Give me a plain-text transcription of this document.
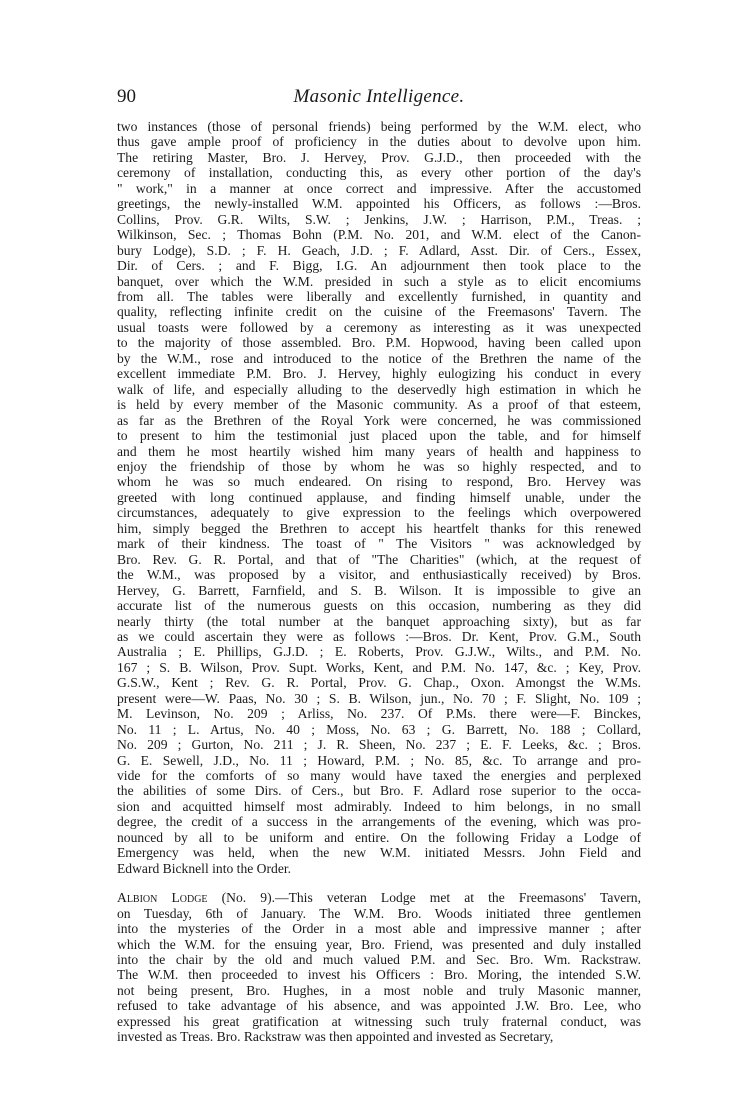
90	Masonic Intelligence.

two instances (those of personal friends) being performed by the W.M. elect, who
thus gave ample proof of proficiency in the duties about to devolve upon him.
The retiring Master, Bro. J. Hervey, Prov. G.J.D., then proceeded with the
ceremony of installation, conducting this, as every other portion of the day's
" work," in a manner at once correct and impressive. After the accustomed
greetings, the newly-installed W.M. appointed his Officers, as follows :—Bros.
Collins, Prov. G.R. Wilts, S.W. ; Jenkins, J.W. ; Harrison, P.M., Treas. ;
Wilkinson, Sec. ; Thomas Bohn (P.M. No. 201, and W.M. elect of the Canon-
bury Lodge), S.D. ; F. H. Geach, J.D. ; F. Adlard, Asst. Dir. of Cers., Essex,
Dir. of Cers. ; and F. Bigg, I.G. An adjournment then took place to the
banquet, over which the W.M. presided in such a style as to elicit encomiums
from all. The tables were liberally and excellently furnished, in quantity and
quality, reflecting infinite credit on the cuisine of the Freemasons' Tavern. The
usual toasts were followed by a ceremony as interesting as it was unexpected
to the majority of those assembled. Bro. P.M. Hopwood, having been called upon
by the W.M., rose and introduced to the notice of the Brethren the name of the
excellent immediate P.M. Bro. J. Hervey, highly eulogizing his conduct in every
walk of life, and especially alluding to the deservedly high estimation in which he
is held by every member of the Masonic community. As a proof of that esteem,
as far as the Brethren of the Royal York were concerned, he was commissioned
to present to him the testimonial just placed upon the table, and for himself
and them he most heartily wished him many years of health and happiness to
enjoy the friendship of those by whom he was so highly respected, and to
whom he was so much endeared. On rising to respond, Bro. Hervey was
greeted with long continued applause, and finding himself unable, under the
circumstances, adequately to give expression to the feelings which overpowered
him, simply begged the Brethren to accept his heartfelt thanks for this renewed
mark of their kindness. The toast of " The Visitors " was acknowledged by
Bro. Rev. G. R. Portal, and that of "The Charities" (which, at the request of
the W.M., was proposed by a visitor, and enthusiastically received) by Bros.
Hervey, G. Barrett, Farnfield, and S. B. Wilson. It is impossible to give an
accurate list of the numerous guests on this occasion, numbering as they did
nearly thirty (the total number at the banquet approaching sixty), but as far
as we could ascertain they were as follows :—Bros. Dr. Kent, Prov. G.M., South
Australia ; E. Phillips, G.J.D. ; E. Roberts, Prov. G.J.W., Wilts., and P.M. No.
167 ; S. B. Wilson, Prov. Supt. Works, Kent, and P.M. No. 147, &c. ; Key, Prov.
G.S.W., Kent ; Rev. G. R. Portal, Prov. G. Chap., Oxon. Amongst the W.Ms.
present were—W. Paas, No. 30 ; S. B. Wilson, jun., No. 70 ; F. Slight, No. 109 ;
M. Levinson, No. 209 ; Arliss, No. 237. Of P.Ms. there were—F. Binckes,
No. 11 ; L. Artus, No. 40 ; Moss, No. 63 ; G. Barrett, No. 188 ; Collard,
No. 209 ; Gurton, No. 211 ; J. R. Sheen, No. 237 ; E. F. Leeks, &c. ; Bros.
G. E. Sewell, J.D., No. 11 ; Howard, P.M. ; No. 85, &c. To arrange and pro-
vide for the comforts of so many would have taxed the energies and perplexed
the abilities of some Dirs. of Cers., but Bro. F. Adlard rose superior to the occa-
sion and acquitted himself most admirably. Indeed to him belongs, in no small
degree, the credit of a success in the arrangements of the evening, which was pro-
nounced by all to be uniform and entire. On the following Friday a Lodge of
Emergency was held, when the new W.M. initiated Messrs. John Field and
Edward Bicknell into the Order.

Albion Lodge (No. 9).—This veteran Lodge met at the Freemasons' Tavern,
on Tuesday, 6th of January. The W.M. Bro. Woods initiated three gentlemen
into the mysteries of the Order in a most able and impressive manner ; after
which the W.M. for the ensuing year, Bro. Friend, was presented and duly installed
into the chair by the old and much valued P.M. and Sec. Bro. Wm. Rackstraw.
The W.M. then proceeded to invest his Officers : Bro. Moring, the intended S.W.
not being present, Bro. Hughes, in a most noble and truly Masonic manner,
refused to take advantage of his absence, and was appointed J.W. Bro. Lee, who
expressed his great gratification at witnessing such truly fraternal conduct, was
invested as Treas. Bro. Rackstraw was then appointed and invested as Secretary,
